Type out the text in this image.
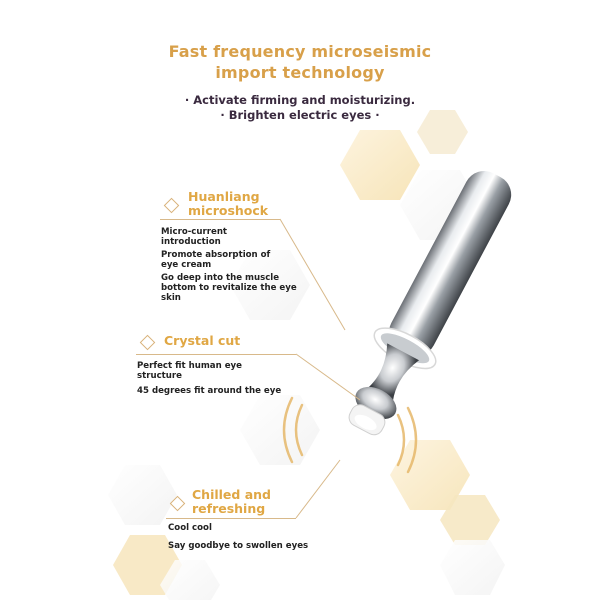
Fast frequency microseismic
import technology
· Activate firming and moisturizing.
· Brighten electric eyes ·
Huanliang
microshock
Micro-current
introduction
Promote absorption of
eye cream
Go deep into the muscle
bottom to revitalize the eye
skin
Crystal cut
Perfect fit human eye
structure
45 degrees fit around the eye
Chilled and
refreshing
Cool cool
Say goodbye to swollen eyes
